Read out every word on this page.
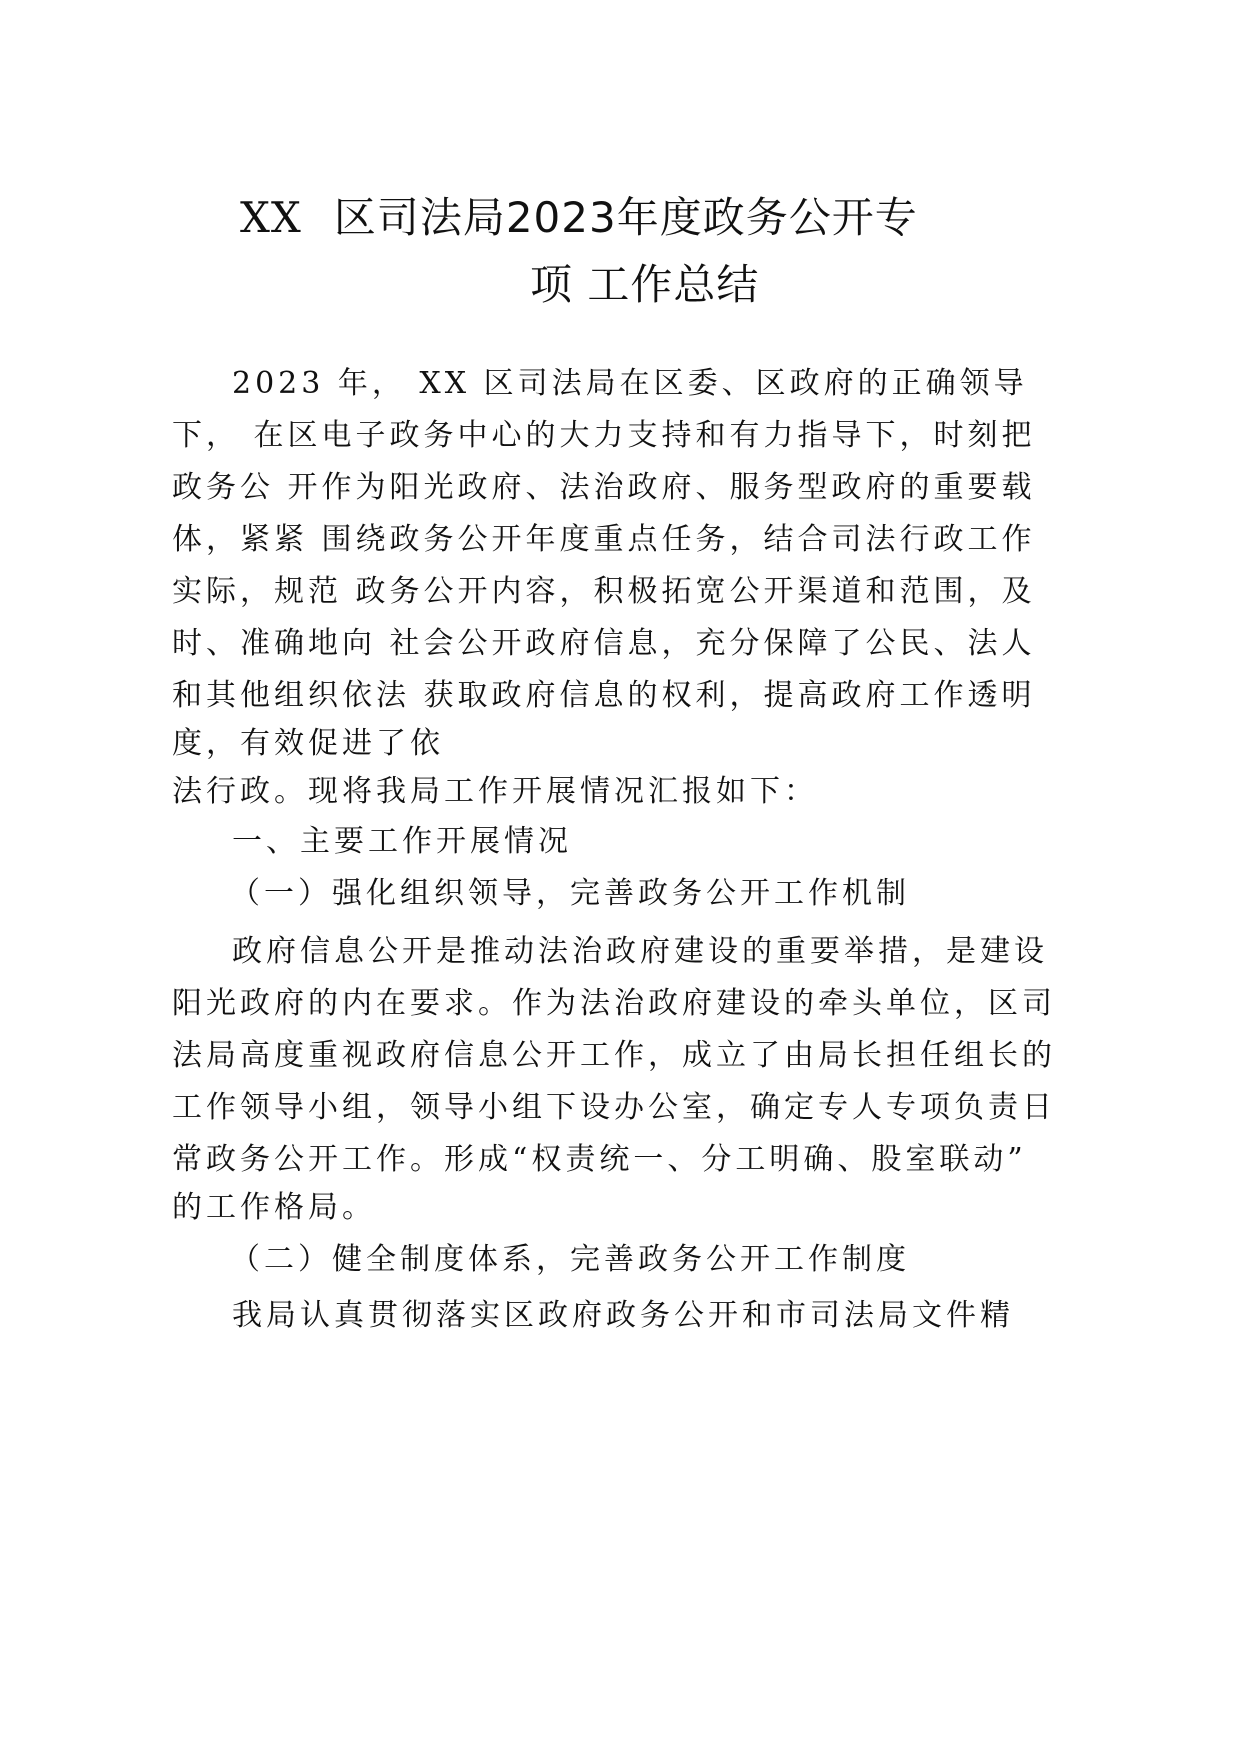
XX 区司法局2023年度政务公开专
项 工作总结
2023 年， XX 区司法局在区委、区政府的正确领导
下， 在区电子政务中心的大力支持和有力指导下，时刻把
政务公 开作为阳光政府、法治政府、服务型政府的重要载
体，紧紧 围绕政务公开年度重点任务，结合司法行政工作
实际，规范 政务公开内容，积极拓宽公开渠道和范围，及
时、准确地向 社会公开政府信息，充分保障了公民、法人
和其他组织依法 获取政府信息的权利，提高政府工作透明
度，有效促进了依
法行政。现将我局工作开展情况汇报如下：
一、主要工作开展情况
（一）强化组织领导，完善政务公开工作机制
政府信息公开是推动法治政府建设的重要举措，是建设
阳光政府的内在要求。作为法治政府建设的牵头单位，区司
法局高度重视政府信息公开工作，成立了由局长担任组长的
工作领导小组，领导小组下设办公室，确定专人专项负责日
常政务公开工作。形成“权责统一、分工明确、股室联动”
的工作格局。
（二）健全制度体系，完善政务公开工作制度
我局认真贯彻落实区政府政务公开和市司法局文件精
